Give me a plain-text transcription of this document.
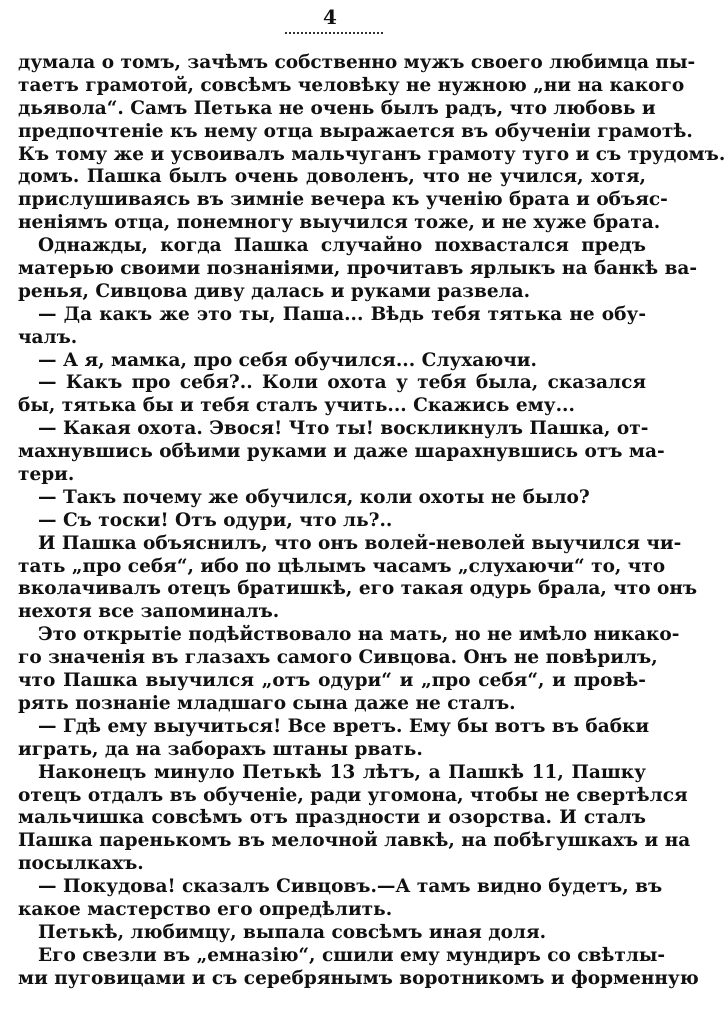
4
думала о томъ, зачѣмъ собственно мужъ своего любимца пы-
таетъ грамотой, совсѣмъ человѣку не нужною „ни на какого
дьявола“. Самъ Петька не очень былъ радъ, что любовь и
предпочтеніе къ нему отца выражается въ обученіи грамотѣ.
Къ тому же и усвоивалъ мальчуганъ грамоту туго и съ трудомъ.
домъ. Пашка былъ очень доволенъ, что не учился, хотя,
прислушиваясь въ зимніе вечера къ ученію брата и объяс-
неніямъ отца, понемногу выучился тоже, и не хуже брата.
Однажды, когда Пашка случайно похвастался предъ
матерью своими познаніями, прочитавъ ярлыкъ на банкѣ ва-
ренья, Сивцова диву далась и руками развела.
— Да какъ же это ты, Паша... Вѣдь тебя тятька не обу-
чалъ.
— А я, мамка, про себя обучился... Слухаючи.
— Какъ про себя?.. Коли охота у тебя была, сказался
бы, тятька бы и тебя сталъ учить... Скажись ему...
— Какая охота. Эвося! Что ты! воскликнулъ Пашка, от-
махнувшись обѣими руками и даже шарахнувшись отъ ма-
тери.
— Такъ почему же обучился, коли охоты не было?
— Съ тоски! Отъ одури, что ль?..
И Пашка объяснилъ, что онъ волей-неволей выучился чи-
тать „про себя“, ибо по цѣлымъ часамъ „слухаючи“ то, что
вколачивалъ отецъ братишкѣ, его такая одурь брала, что онъ
нехотя все запоминалъ.
Это открытіе подѣйствовало на мать, но не имѣло никако-
го значенія въ глазахъ самого Сивцова. Онъ не повѣрилъ,
что Пашка выучился „отъ одури“ и „про себя“, и провѣ-
рять познаніе младшаго сына даже не сталъ.
— Гдѣ ему выучиться! Все вретъ. Ему бы вотъ въ бабки
играть, да на заборахъ штаны рвать.
Наконецъ минуло Петькѣ 13 лѣтъ, а Пашкѣ 11, Пашку
отецъ отдалъ въ обученіе, ради угомона, чтобы не свертѣлся
мальчишка совсѣмъ отъ праздности и озорства. И сталъ
Пашка паренькомъ въ мелочной лавкѣ, на побѣгушкахъ и на
посылкахъ.
— Покудова! сказалъ Сивцовъ.—А тамъ видно будетъ, въ
какое мастерство его опредѣлить.
Петькѣ, любимцу, выпала совсѣмъ иная доля.
Его свезли въ „емназію“, сшили ему мундиръ со свѣтлы-
ми пуговицами и съ серебрянымъ воротникомъ и форменную
